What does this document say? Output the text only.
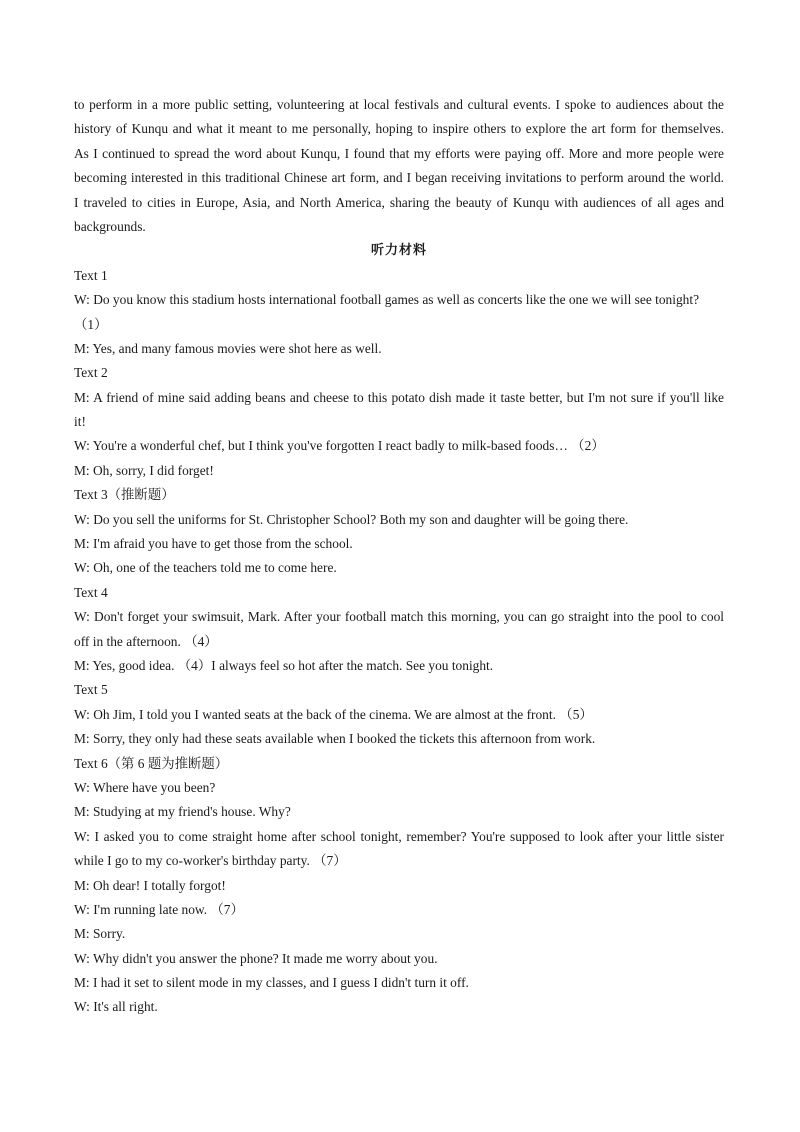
to perform in a more public setting, volunteering at local festivals and cultural events. I spoke to audiences about the

history of Kunqu and what it meant to me personally, hoping to inspire others to explore the art form for themselves.

As I continued to spread the word about Kunqu, I found that my efforts were paying off. More and more people were

becoming interested in this traditional Chinese art form, and I began receiving invitations to perform around the world.

I traveled to cities in Europe, Asia, and North America, sharing the beauty of Kunqu with audiences of all ages and

backgrounds.

听力材料

Text 1

W: Do you know this stadium hosts international football games as well as concerts like the one we will see tonight?

（1）

M: Yes, and many famous movies were shot here as well.

Text 2

M: A friend of mine said adding beans and cheese to this potato dish made it taste better, but I'm not sure if you'll like

it!

W: You're a wonderful chef, but I think you've forgotten I react badly to milk-based foods… （2）

M: Oh, sorry, I did forget!

Text 3（推断题）

W: Do you sell the uniforms for St. Christopher School? Both my son and daughter will be going there.

M: I'm afraid you have to get those from the school.

W: Oh, one of the teachers told me to come here.

Text 4

W: Don't forget your swimsuit, Mark. After your football match this morning, you can go straight into the pool to cool

off in the afternoon. （4）

M: Yes, good idea. （4）I always feel so hot after the match. See you tonight.

Text 5

W: Oh Jim, I told you I wanted seats at the back of the cinema. We are almost at the front. （5）

M: Sorry, they only had these seats available when I booked the tickets this afternoon from work.

Text 6（第 6 题为推断题）

W: Where have you been?

M: Studying at my friend's house. Why?

W: I asked you to come straight home after school tonight, remember? You're supposed to look after your little sister

while I go to my co-worker's birthday party. （7）

M: Oh dear! I totally forgot!

W: I'm running late now. （7）

M: Sorry.

W: Why didn't you answer the phone? It made me worry about you.

M: I had it set to silent mode in my classes, and I guess I didn't turn it off.

W: It's all right.
